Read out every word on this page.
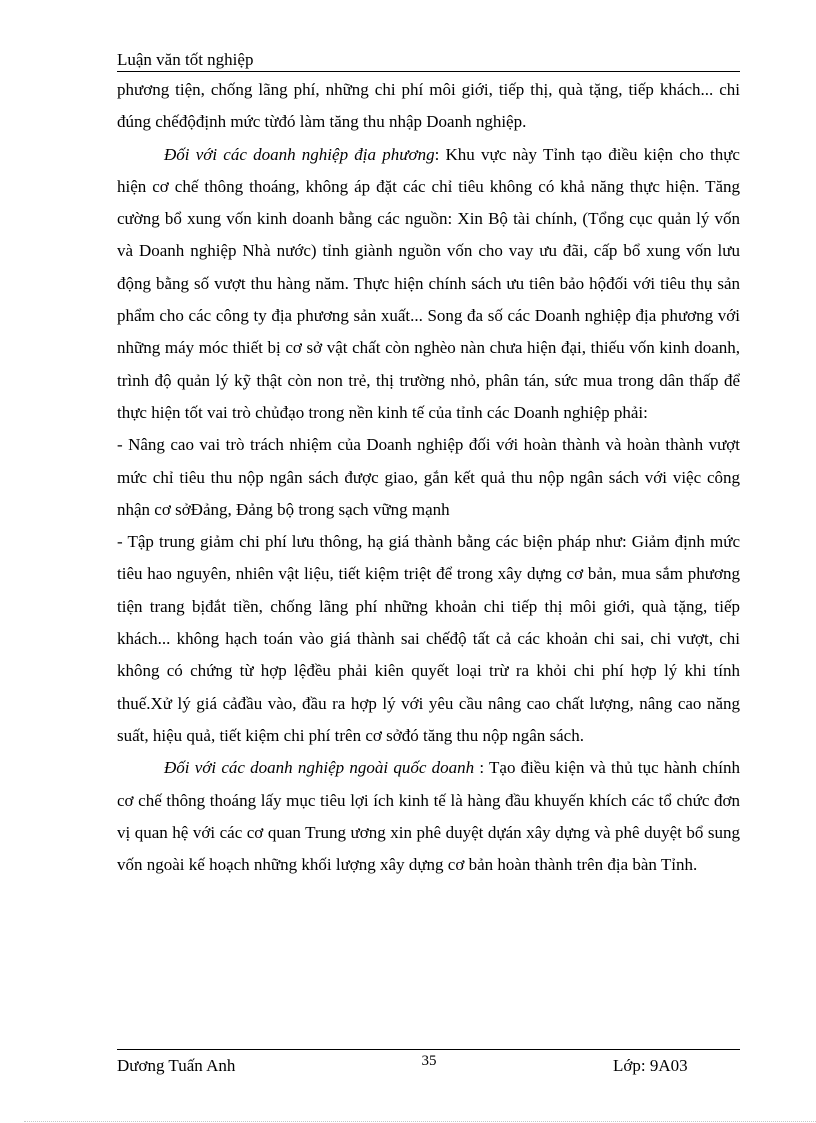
Luận văn tốt nghiệp

phương tiện, chống lãng phí, những chi phí môi giới, tiếp thị, quà tặng, tiếp khách... chi đúng chếđộđịnh mức từđó làm tăng thu nhập Doanh nghiệp.

Đối với các doanh nghiệp địa phương: Khu vực này Tỉnh tạo điều kiện cho thực hiện cơ chế thông thoáng, không áp đặt các chỉ tiêu không có khả năng thực hiện. Tăng cường bổ xung vốn kinh doanh bằng các nguồn: Xin Bộ tài chính, (Tổng cục quản lý vốn và Doanh nghiệp Nhà nước) tỉnh giành nguồn vốn cho vay ưu đãi, cấp bổ xung vốn lưu động bằng số vượt thu hàng năm. Thực hiện chính sách ưu tiên bảo hộđối với tiêu thụ sản phẩm cho các công ty địa phương sản xuất... Song đa số các Doanh nghiệp địa phương với những máy móc thiết bị cơ sở vật chất còn nghèo nàn chưa hiện đại, thiếu vốn kinh doanh, trình độ quản lý kỹ thật còn non trẻ, thị trường nhỏ, phân tán, sức mua trong dân thấp để thực hiện tốt vai trò chủđạo trong nền kinh tế của tỉnh các Doanh nghiệp phải:

- Nâng cao vai trò trách nhiệm của Doanh nghiệp đối với hoàn thành và hoàn thành vượt mức chỉ tiêu thu nộp ngân sách được giao, gắn kết quả thu nộp ngân sách với việc công nhận cơ sởĐảng, Đảng bộ trong sạch vững mạnh

- Tập trung giảm chi phí lưu thông, hạ giá thành bằng các biện pháp như: Giảm định mức tiêu hao nguyên, nhiên vật liệu, tiết kiệm triệt để trong xây dựng cơ bản, mua sắm phương tiện trang bịđắt tiền, chống lãng phí những khoản chi tiếp thị môi giới, quà tặng, tiếp khách... không hạch toán vào giá thành sai chếđộ tất cả các khoản chi sai, chi vượt, chi không có chứng từ hợp lệđều phải kiên quyết loại trừ ra khỏi chi phí hợp lý khi tính thuế.Xử lý giá cảđầu vào, đầu ra hợp lý với yêu cầu nâng cao chất lượng, nâng cao năng suất, hiệu quả, tiết kiệm chi phí trên cơ sởđó tăng thu nộp ngân sách.

Đối với các doanh nghiệp ngoài quốc doanh : Tạo điều kiện và thủ tục hành chính cơ chế thông thoáng lấy mục tiêu lợi ích kinh tế là hàng đầu khuyến khích các tổ chức đơn vị quan hệ với các cơ quan Trung ương xin phê duyệt dựán xây dựng và phê duyệt bổ sung vốn ngoài kế hoạch những khối lượng xây dựng cơ bản hoàn thành trên địa bàn Tỉnh.

Dương Tuấn Anh	35	Lớp: 9A03
